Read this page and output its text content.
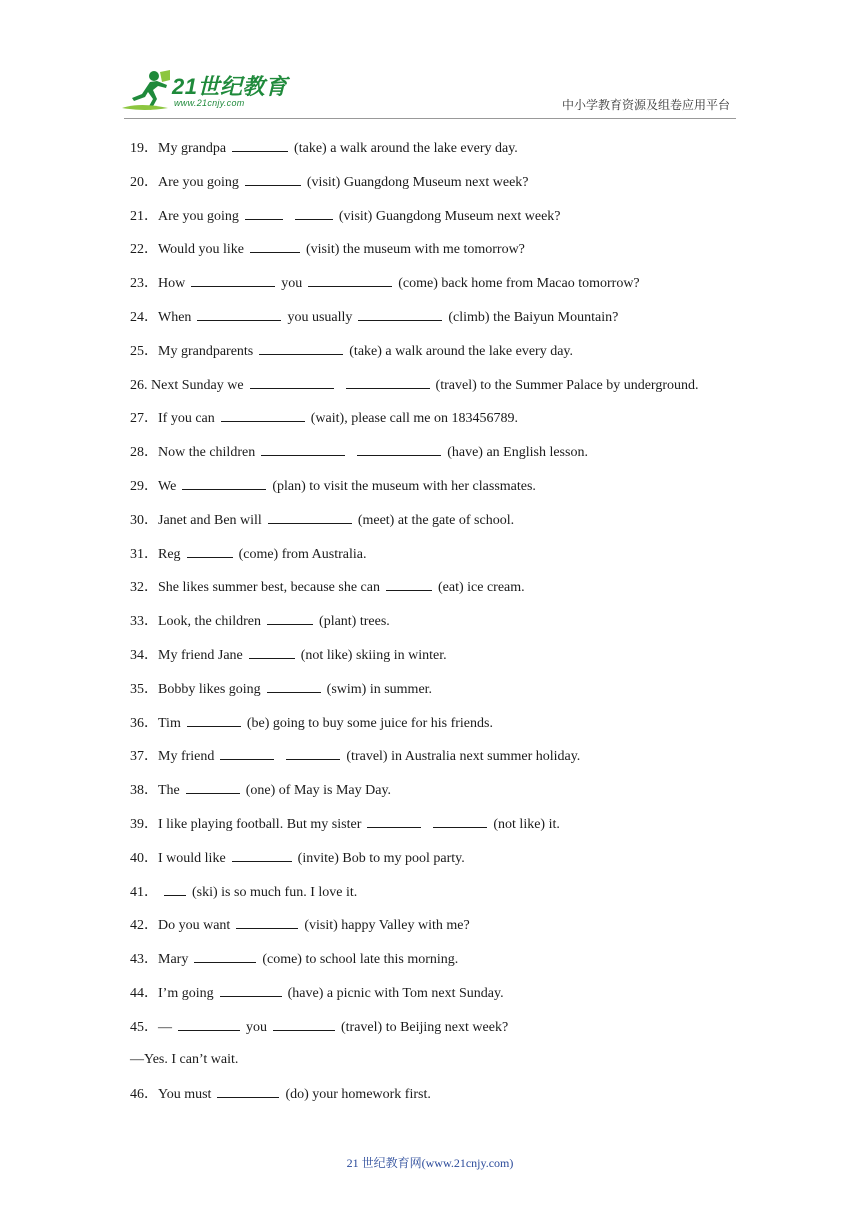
21世纪教育
www.21cnjy.com	中小学教育资源及组卷应用平台
19．My grandpa	(take) a walk around the lake every day.
20．Are you going	(visit) Guangdong Museum next week?
21．Are you going	(visit) Guangdong Museum next week?
22．Would you like	(visit) the museum with me tomorrow?
23．How	you	(come) back home from Macao tomorrow?
24．When	you usually	(climb) the Baiyun Mountain?
25．My grandparents	(take) a walk around the lake every day.
26. Next Sunday we	(travel) to the Summer Palace by underground.
27．If you can	(wait), please call me on 183456789.
28．Now the children	(have) an English lesson.
29．We	(plan) to visit the museum with her classmates.
30．Janet and Ben will	(meet) at the gate of school.
31．Reg	(come) from Australia.
32．She likes summer best, because she can	(eat) ice cream.
33．Look, the children	(plant) trees.
34．My friend Jane	(not like) skiing in winter.
35．Bobby likes going	(swim) in summer.
36．Tim	(be) going to buy some juice for his friends.
37．My friend	(travel) in Australia next summer holiday.
38．The	(one) of May is May Day.
39．I like playing football. But my sister	(not like) it.
40．I would like	(invite) Bob to my pool party.
41． (ski) is so much fun. I love it.
42．Do you want	(visit) happy Valley with me?
43．Mary	(come) to school late this morning.
44．I’m going	(have) a picnic with Tom next Sunday.
45．—	you	(travel) to Beijing next week?
—Yes. I can’t wait.
46．You must	(do) your homework first.
21 世纪教育网(www.21cnjy.com)
